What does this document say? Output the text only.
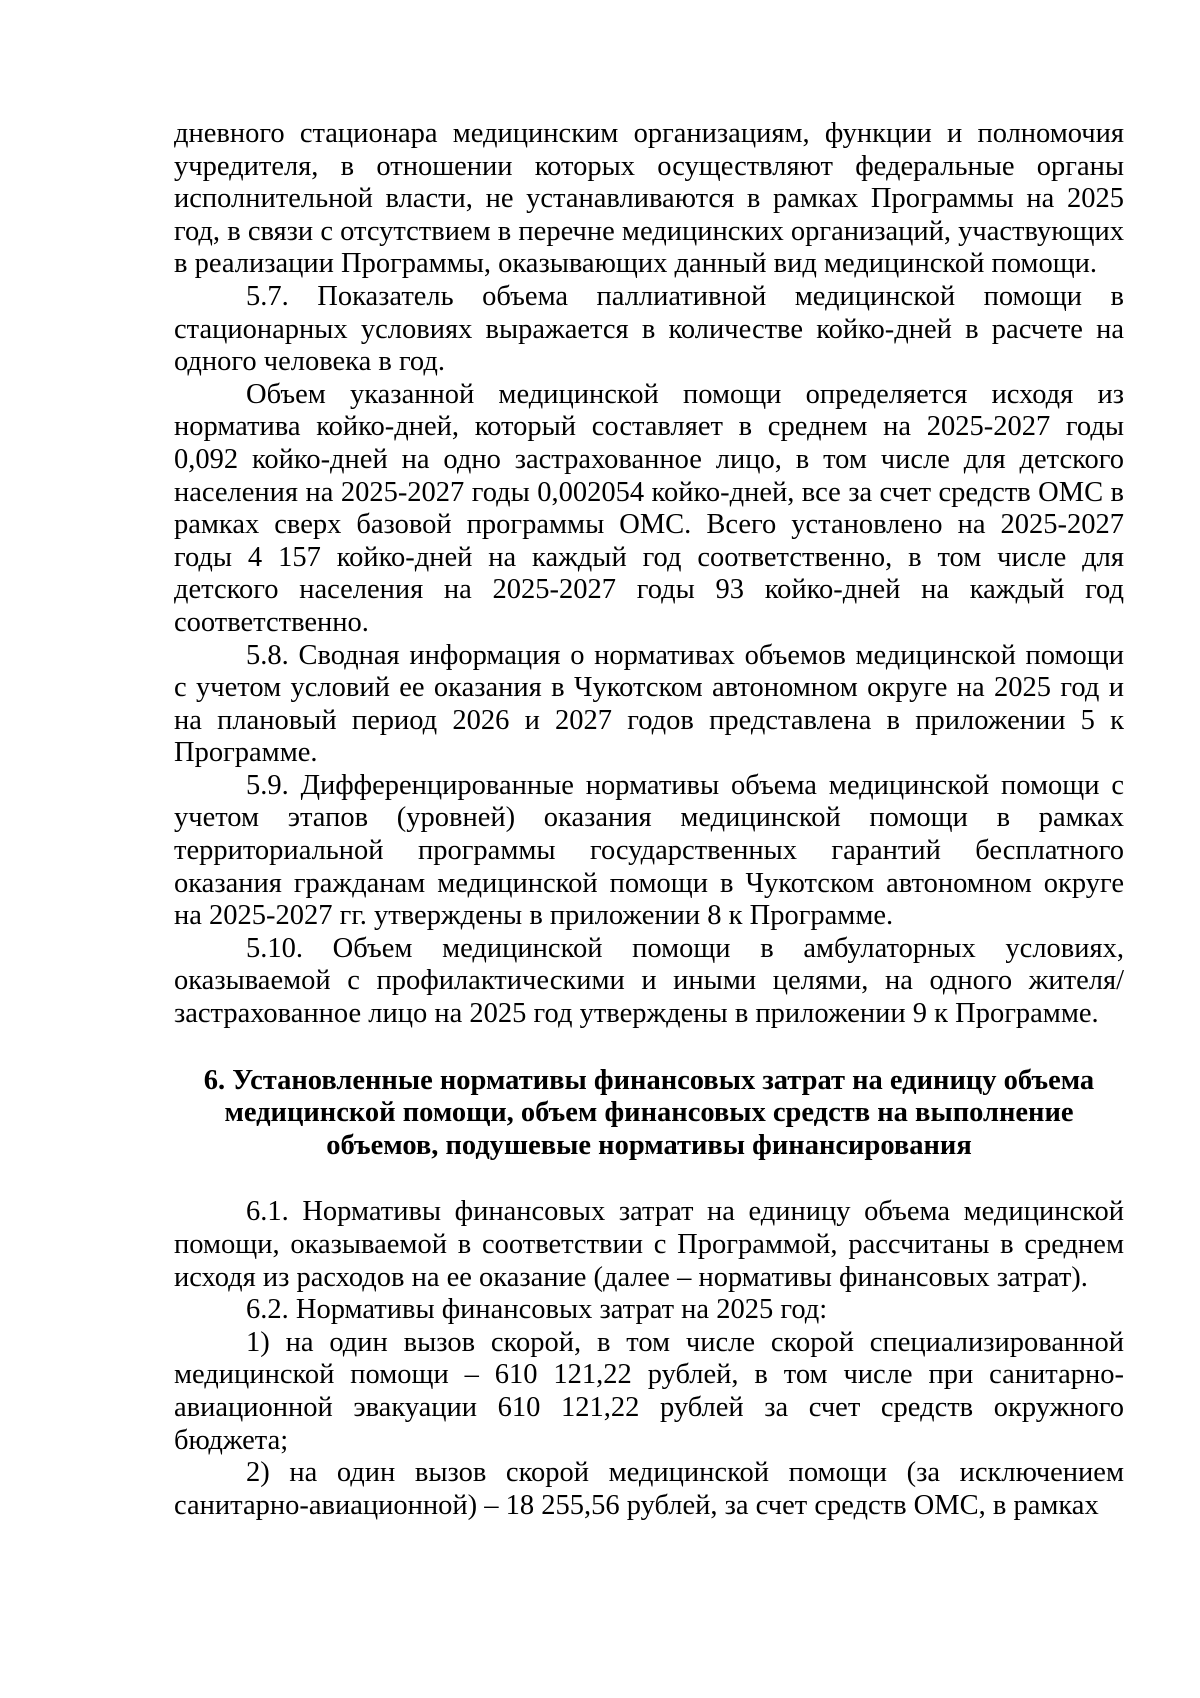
дневного стационара медицинским организациям, функции и полномочия учредителя, в отношении которых осуществляют федеральные органы исполнительной власти, не устанавливаются в рамках Программы на 2025 год, в связи с отсутствием в перечне медицинских организаций, участвующих в реализации Программы, оказывающих данный вид медицинской помощи.

5.7. Показатель объема паллиативной медицинской помощи в стационарных условиях выражается в количестве койко-дней в расчете на одного человека в год.

Объем указанной медицинской помощи определяется исходя из норматива койко-дней, который составляет в среднем на 2025-2027 годы 0,092 койко-дней на одно застрахованное лицо, в том числе для детского населения на 2025-2027 годы 0,002054 койко-дней, все за счет средств ОМС в рамках сверх базовой программы ОМС. Всего установлено на 2025-2027 годы 4 157 койко-дней на каждый год соответственно, в том числе для детского населения на 2025-2027 годы 93 койко-дней на каждый год соответственно.

5.8. Сводная информация о нормативах объемов медицинской помощи с учетом условий ее оказания в Чукотском автономном округе на 2025 год и на плановый период 2026 и 2027 годов представлена в приложении 5 к Программе.

5.9. Дифференцированные нормативы объема медицинской помощи с учетом этапов (уровней) оказания медицинской помощи в рамках территориальной программы государственных гарантий бесплатного оказания гражданам медицинской помощи в Чукотском автономном округе на 2025-2027 гг. утверждены в приложении 8 к Программе.

5.10. Объем медицинской помощи в амбулаторных условиях, оказываемой с профилактическими и иными целями, на одного жителя/застрахованное лицо на 2025 год утверждены в приложении 9 к Программе.

6. Установленные нормативы финансовых затрат на единицу объема медицинской помощи, объем финансовых средств на выполнение объемов, подушевые нормативы финансирования

6.1. Нормативы финансовых затрат на единицу объема медицинской помощи, оказываемой в соответствии с Программой, рассчитаны в среднем исходя из расходов на ее оказание (далее – нормативы финансовых затрат).

6.2. Нормативы финансовых затрат на 2025 год:

1) на один вызов скорой, в том числе скорой специализированной медицинской помощи – 610 121,22 рублей, в том числе при санитарно-авиационной эвакуации 610 121,22 рублей за счет средств окружного бюджета;

2) на один вызов скорой медицинской помощи (за исключением санитарно-авиационной) – 18 255,56 рублей, за счет средств ОМС, в рамках
